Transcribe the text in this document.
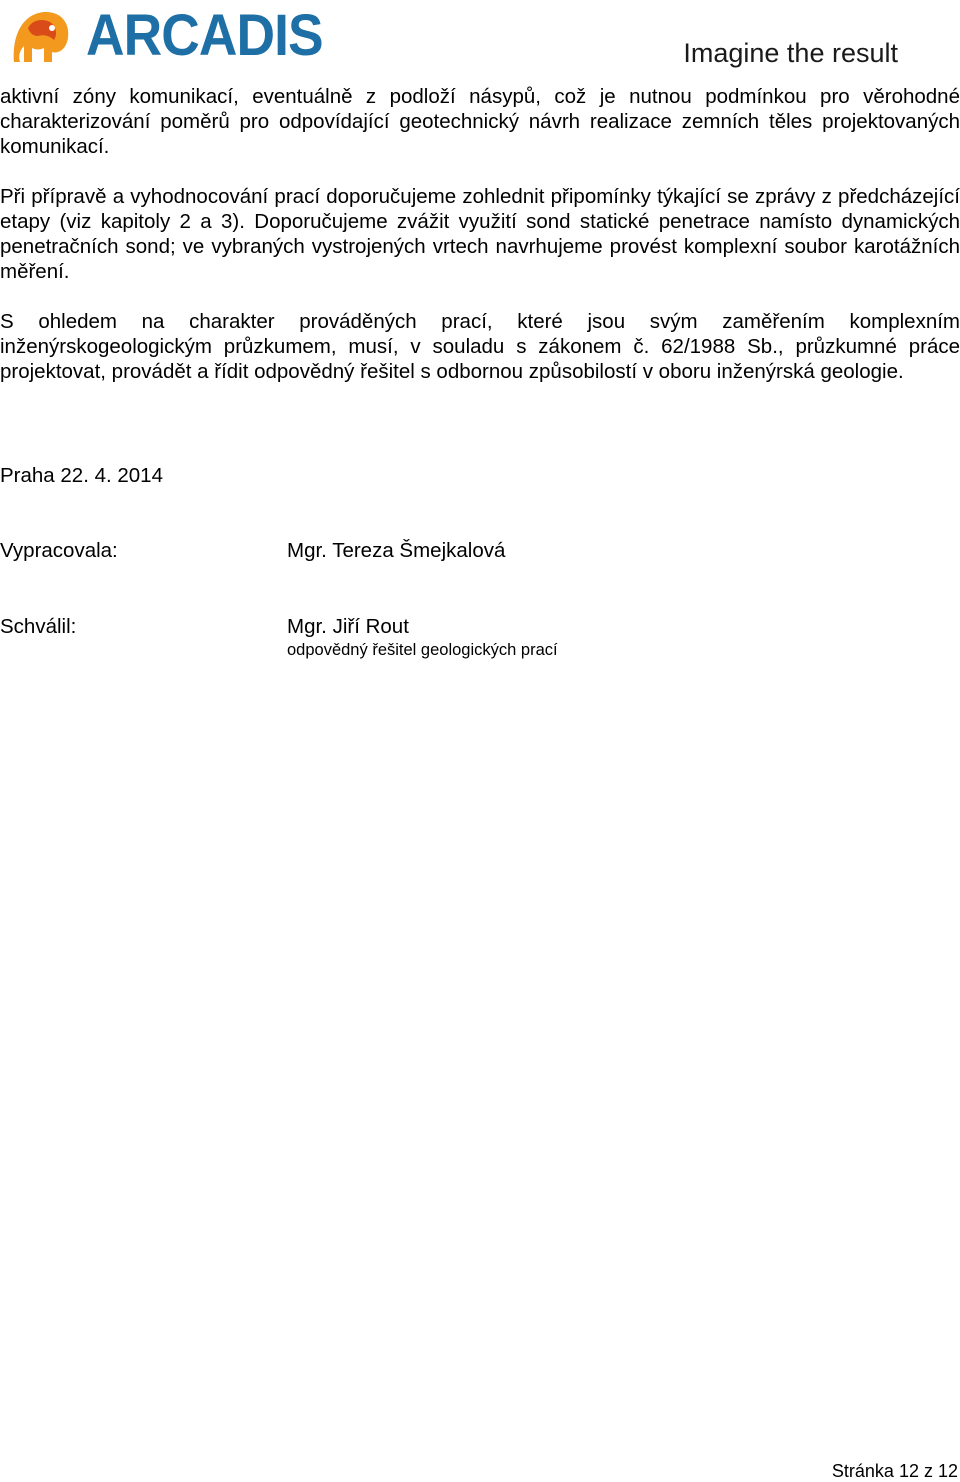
ARCADIS	Imagine the result

aktivní zóny komunikací, eventuálně z podloží násypů, což je nutnou podmínkou pro věrohodné charakterizování poměrů pro odpovídající geotechnický návrh realizace zemních těles projektovaných komunikací.

Při přípravě a vyhodnocování prací doporučujeme zohlednit připomínky týkající se zprávy z předcházející etapy (viz kapitoly 2 a 3). Doporučujeme zvážit využití sond statické penetrace namísto dynamických penetračních sond; ve vybraných vystrojených vrtech navrhujeme provést komplexní soubor karotážních měření.

S ohledem na charakter prováděných prací, které jsou svým zaměřením komplexním inženýrskogeologickým průzkumem, musí, v souladu s zákonem č. 62/1988 Sb., průzkumné práce projektovat, provádět a řídit odpovědný řešitel s odbornou způsobilostí v oboru inženýrská geologie.

Praha 22. 4. 2014
Vypracovala:	Mgr. Tereza Šmejkalová
Schválil:	Mgr. Jiří Rout
odpovědný řešitel geologických prací
Stránka 12 z 12
